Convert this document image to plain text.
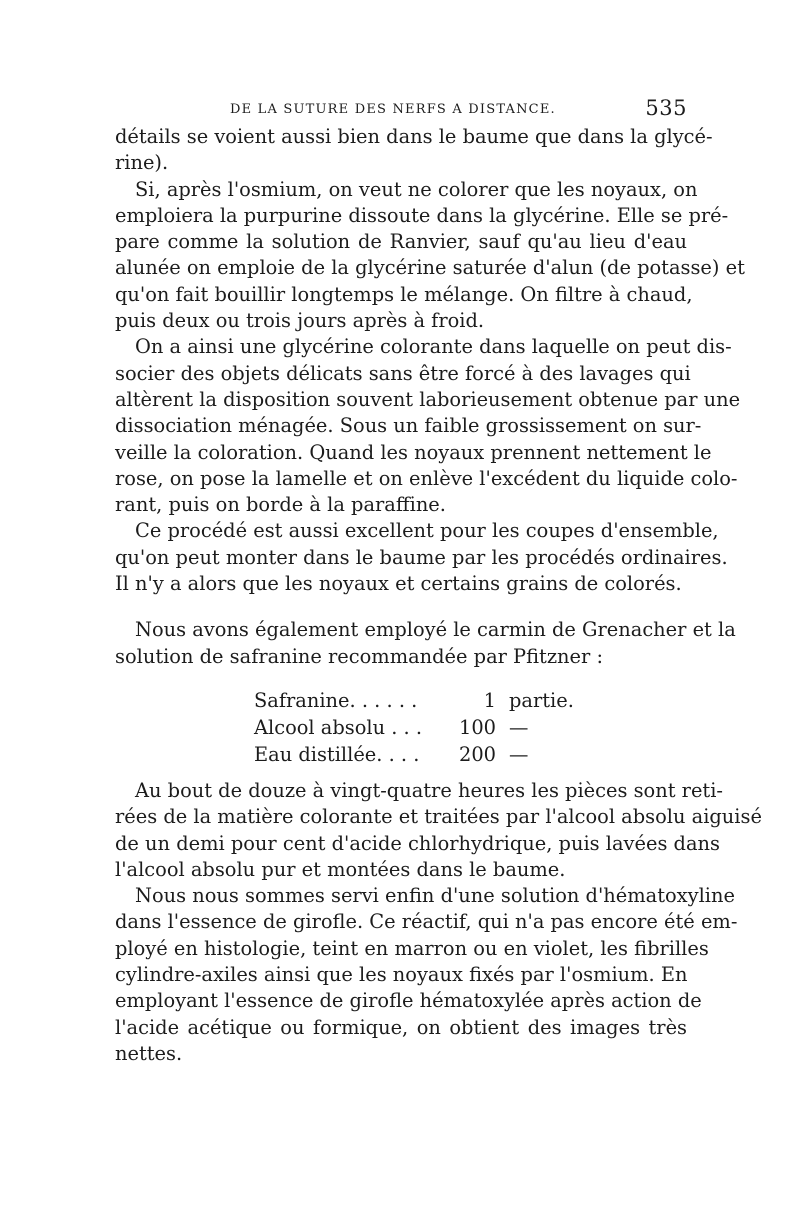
DE LA SUTURE DES NERFS A DISTANCE.	535
détails se voient aussi bien dans le baume que dans la glycé-
rine).
Si, après l'osmium, on veut ne colorer que les noyaux, on
emploiera la purpurine dissoute dans la glycérine. Elle se pré-
pare comme la solution de Ranvier, sauf qu'au lieu d'eau
alunée on emploie de la glycérine saturée d'alun (de potasse) et
qu'on fait bouillir longtemps le mélange. On filtre à chaud,
puis deux ou trois jours après à froid.
On a ainsi une glycérine colorante dans laquelle on peut dis-
socier des objets délicats sans être forcé à des lavages qui
altèrent la disposition souvent laborieusement obtenue par une
dissociation ménagée. Sous un faible grossissement on sur-
veille la coloration. Quand les noyaux prennent nettement le
rose, on pose la lamelle et on enlève l'excédent du liquide colo-
rant, puis on borde à la paraffine.
Ce procédé est aussi excellent pour les coupes d'ensemble,
qu'on peut monter dans le baume par les procédés ordinaires.
Il n'y a alors que les noyaux et certains grains de colorés.
Nous avons également employé le carmin de Grenacher et la
solution de safranine recommandée par Pfitzner :
Safranine. . . . . .	1 partie.
Alcool absolu . . .	100 —
Eau distillée. . . .	200 —
Au bout de douze à vingt-quatre heures les pièces sont reti-
rées de la matière colorante et traitées par l'alcool absolu aiguisé
de un demi pour cent d'acide chlorhydrique, puis lavées dans
l'alcool absolu pur et montées dans le baume.
Nous nous sommes servi enfin d'une solution d'hématoxyline
dans l'essence de girofle. Ce réactif, qui n'a pas encore été em-
ployé en histologie, teint en marron ou en violet, les fibrilles
cylindre-axiles ainsi que les noyaux fixés par l'osmium. En
employant l'essence de girofle hématoxylée après action de
l'acide acétique ou formique, on obtient des images très
nettes.
